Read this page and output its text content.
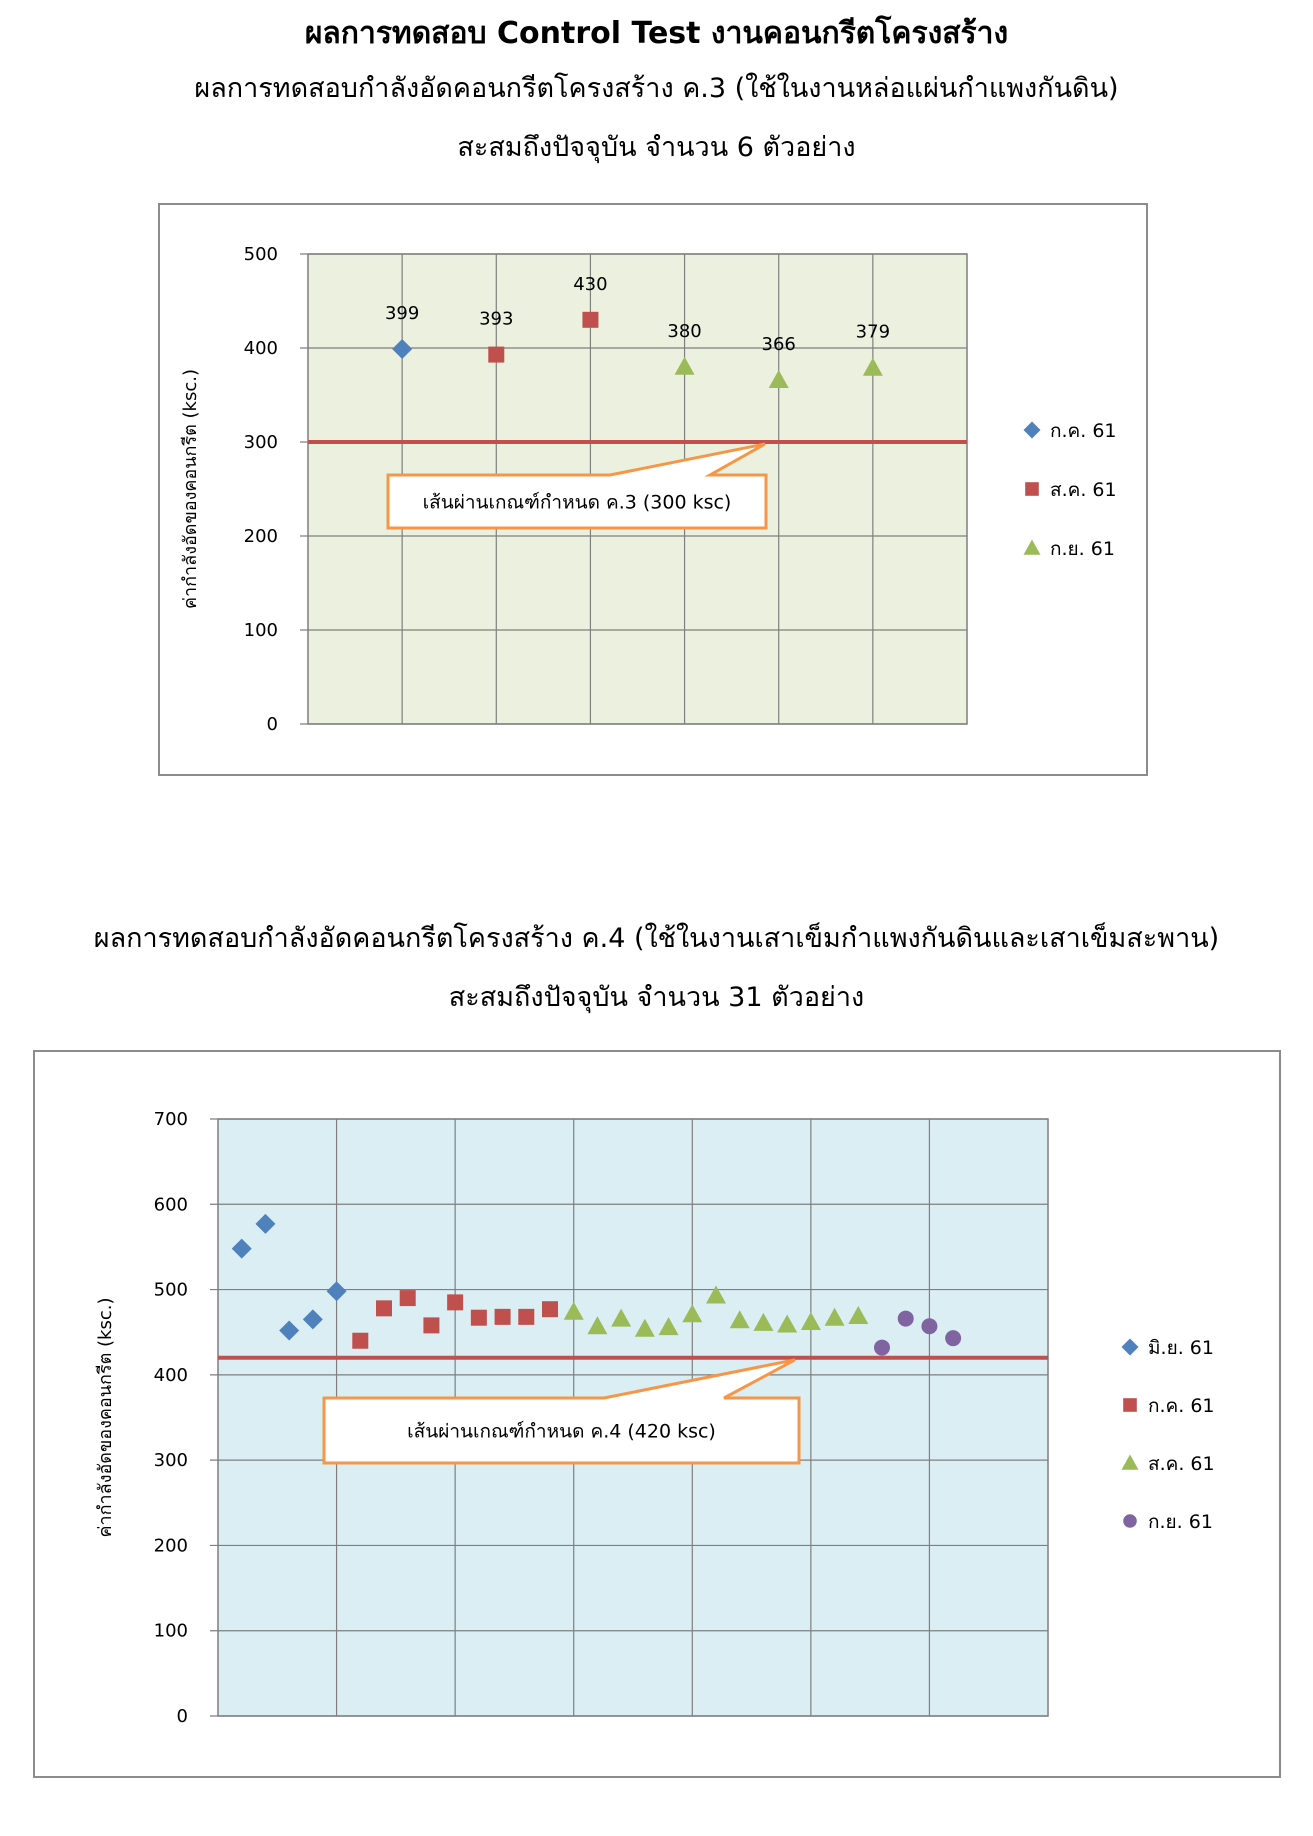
ผลการทดสอบ Control Test งานคอนกรีตโครงสร้าง
ผลการทดสอบกำลังอัดคอนกรีตโครงสร้าง ค.3 (ใช้ในงานหล่อแผ่นกำแพงกันดิน)
สะสมถึงปัจจุบัน จำนวน 6 ตัวอย่าง
0
100
200
300
400
500
ค่ากำลังอัดของคอนกรีต (ksc.)	เส้นผ่านเกณฑ์กำหนด ค.3 (300 ksc)
399
ก.ค. 61
393
430
ส.ค. 61
380
366
379
ก.ย. 61
ผลการทดสอบกำลังอัดคอนกรีตโครงสร้าง ค.4 (ใช้ในงานเสาเข็มกำแพงกันดินและเสาเข็มสะพาน)
สะสมถึงปัจจุบัน จำนวน 31 ตัวอย่าง
0
100
200
300
400
500
600
700
ค่ากำลังอัดของคอนกรีต (ksc.)	เส้นผ่านเกณฑ์กำหนด ค.4 (420 ksc)
มิ.ย. 61
ก.ค. 61
ส.ค. 61
ก.ย. 61
